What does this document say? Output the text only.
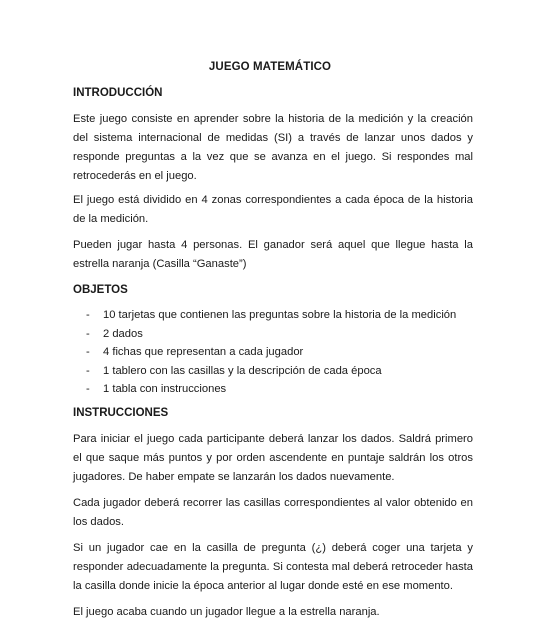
JUEGO MATEMÁTICO
INTRODUCCIÓN

Este juego consiste en aprender sobre la historia de la medición y la creación del sistema internacional de medidas (SI) a través de lanzar unos dados y responde preguntas a la vez que se avanza en el juego. Si respondes mal retrocederás en el juego.

El juego está dividido en 4 zonas correspondientes a cada época de la historia de la medición.

Pueden jugar hasta 4 personas. El ganador será aquel que llegue hasta la estrella naranja (Casilla “Ganaste”)

OBJETOS
- 10 tarjetas que contienen las preguntas sobre la historia de la medición
- 2 dados
- 4 fichas que representan a cada jugador
- 1 tablero con las casillas y la descripción de cada época
- 1 tabla con instrucciones
INSTRUCCIONES

Para iniciar el juego cada participante deberá lanzar los dados. Saldrá primero el que saque más puntos y por orden ascendente en puntaje saldrán los otros jugadores. De haber empate se lanzarán los dados nuevamente.

Cada jugador deberá recorrer las casillas correspondientes al valor obtenido en los dados.

Si un jugador cae en la casilla de pregunta (¿) deberá coger una tarjeta y responder adecuadamente la pregunta. Si contesta mal deberá retroceder hasta la casilla donde inicie la época anterior al lugar donde esté en ese momento.

El juego acaba cuando un jugador llegue a la estrella naranja.
